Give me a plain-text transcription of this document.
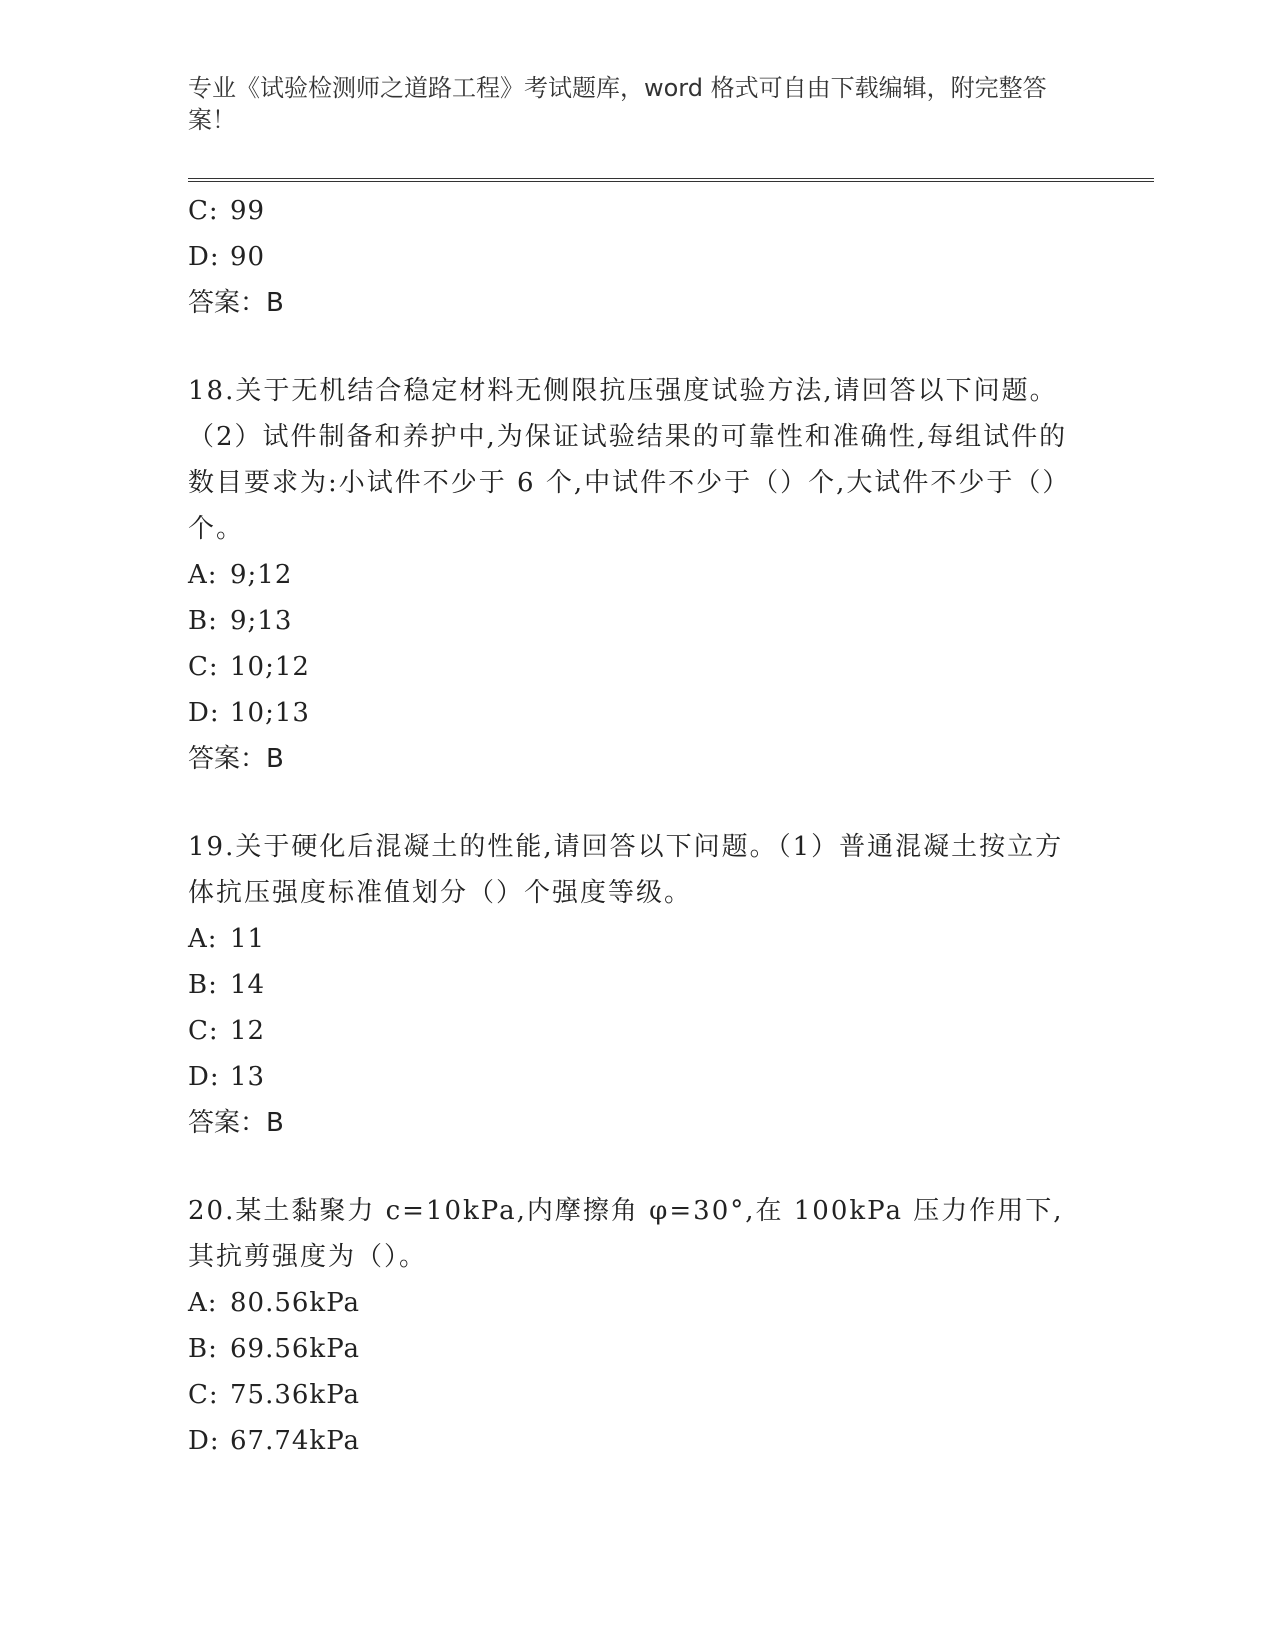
专业《试验检测师之道路工程》考试题库，word 格式可自由下载编辑，附完整答案！
C: 99
D: 90
答案：B
18.关于无机结合稳定材料无侧限抗压强度试验方法,请回答以下问题。（2）试件制备和养护中,为保证试验结果的可靠性和准确性,每组试件的数目要求为:小试件不少于 6 个,中试件不少于（）个,大试件不少于（）个。
A: 9;12
B: 9;13
C: 10;12
D: 10;13
答案：B
19.关于硬化后混凝土的性能,请回答以下问题。（1）普通混凝土按立方体抗压强度标准值划分（）个强度等级。
A: 11
B: 14
C: 12
D: 13
答案：B
20.某土黏聚力 c=10kPa,内摩擦角 φ=30°,在 100kPa 压力作用下,其抗剪强度为（）。
A: 80.56kPa
B: 69.56kPa
C: 75.36kPa
D: 67.74kPa
